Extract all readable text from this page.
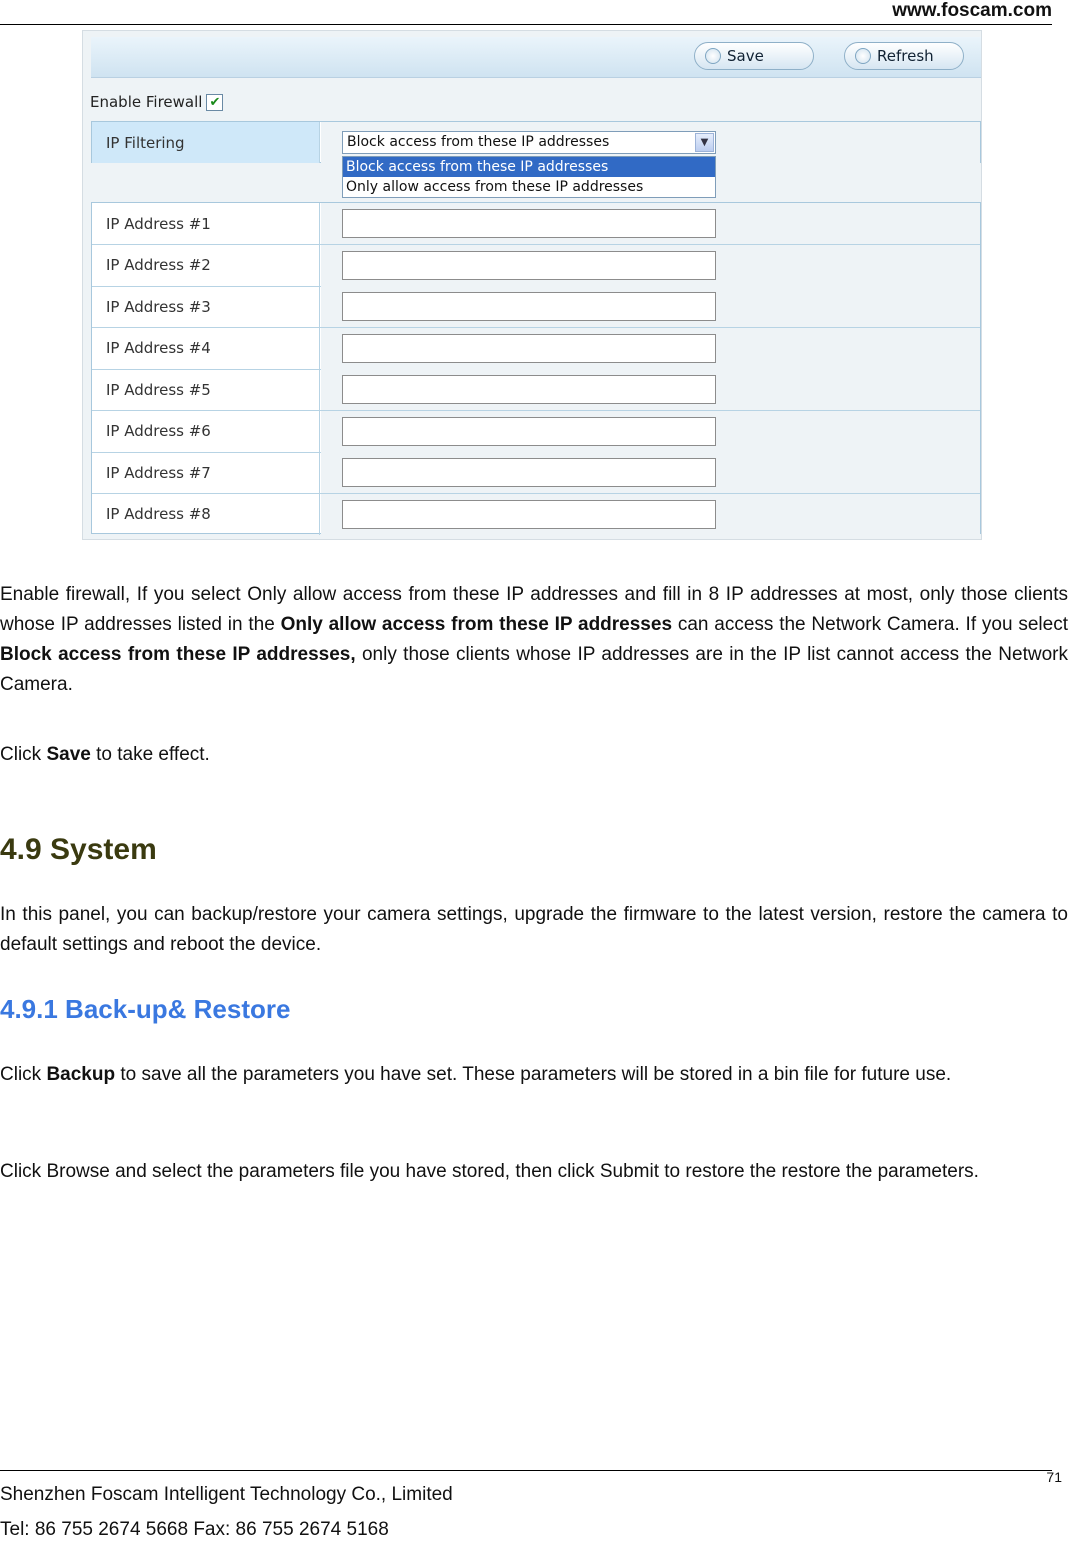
www.foscam.com
Save	Refresh
Enable Firewall ✔
IP Filtering	Block access from these IP addresses	▼
Block access from these IP addresses
Only allow access from these IP addresses
IP Address #1
IP Address #2
IP Address #3
IP Address #4
IP Address #5
IP Address #6
IP Address #7
IP Address #8
Enable firewall, If you select Only allow access from these IP addresses and fill in 8 IP addresses at most, only those clients whose IP addresses listed in the Only allow access from these IP addresses can access the Network Camera. If you select Block access from these IP addresses, only those clients whose IP addresses are in the IP list cannot access the Network Camera.
Click Save to take effect.
4.9 System
In this panel, you can backup/restore your camera settings, upgrade the firmware to the latest version, restore the camera to default settings and reboot the device.
4.9.1 Back-up& Restore
Click Backup to save all the parameters you have set. These parameters will be stored in a bin file for future use.
Click Browse and select the parameters file you have stored, then click Submit to restore the restore the parameters.
71
Shenzhen Foscam Intelligent Technology Co., Limited
Tel: 86 755 2674 5668 Fax: 86 755 2674 5168
